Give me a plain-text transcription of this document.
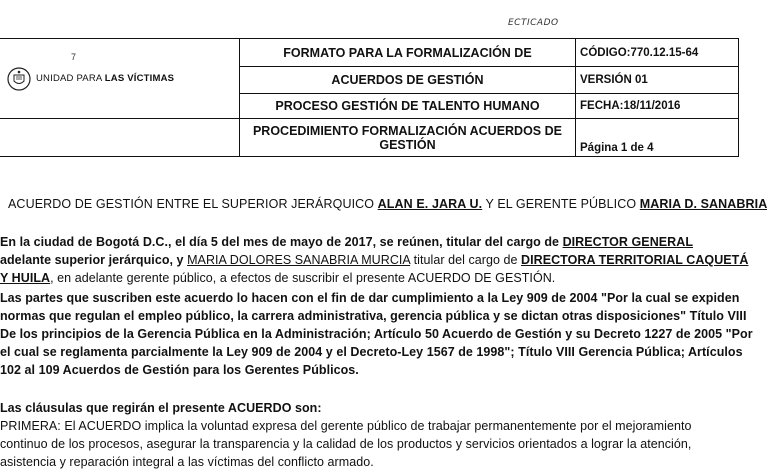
ECTICADO
7
UNIDAD PARA LAS VÍCTIMAS	FORMATO PARA LA FORMALIZACIÓN DE	CÓDIGO:770.12.15-64
	ACUERDOS DE GESTIÓN	VERSIÓN 01
	PROCESO GESTIÓN DE TALENTO HUMANO	FECHA:18/11/2016
	PROCEDIMIENTO FORMALIZACIÓN ACUERDOS DE GESTIÓN	Página 1 de 4
ACUERDO DE GESTIÓN ENTRE EL SUPERIOR JERÁRQUICO ALAN E. JARA U. Y EL GERENTE PÚBLICO MARIA D. SANABRIA
En la ciudad de Bogotá D.C., el día 5 del mes de mayo de 2017, se reúnen, titular del cargo de DIRECTOR GENERAL
adelante superior jerárquico, y MARIA DOLORES SANABRIA MURCIA titular del cargo de DIRECTORA TERRITORIAL CAQUETÁ
Y HUILA, en adelante gerente público, a efectos de suscribir el presente ACUERDO DE GESTIÓN.
Las partes que suscriben este acuerdo lo hacen con el fin de dar cumplimiento a la Ley 909 de 2004 "Por la cual se expiden
normas que regulan el empleo público, la carrera administrativa, gerencia pública y se dictan otras disposiciones" Título VIII
De los principios de la Gerencia Pública en la Administración; Artículo 50 Acuerdo de Gestión y su Decreto 1227 de 2005 "Por
el cual se reglamenta parcialmente la Ley 909 de 2004 y el Decreto-Ley 1567 de 1998"; Título VIII Gerencia Pública; Artículos
102 al 109 Acuerdos de Gestión para los Gerentes Públicos.
Las cláusulas que regirán el presente ACUERDO son:
PRIMERA: El ACUERDO implica la voluntad expresa del gerente público de trabajar permanentemente por el mejoramiento
continuo de los procesos, asegurar la transparencia y la calidad de los productos y servicios orientados a lograr la atención,
asistencia y reparación integral a las víctimas del conflicto armado.
